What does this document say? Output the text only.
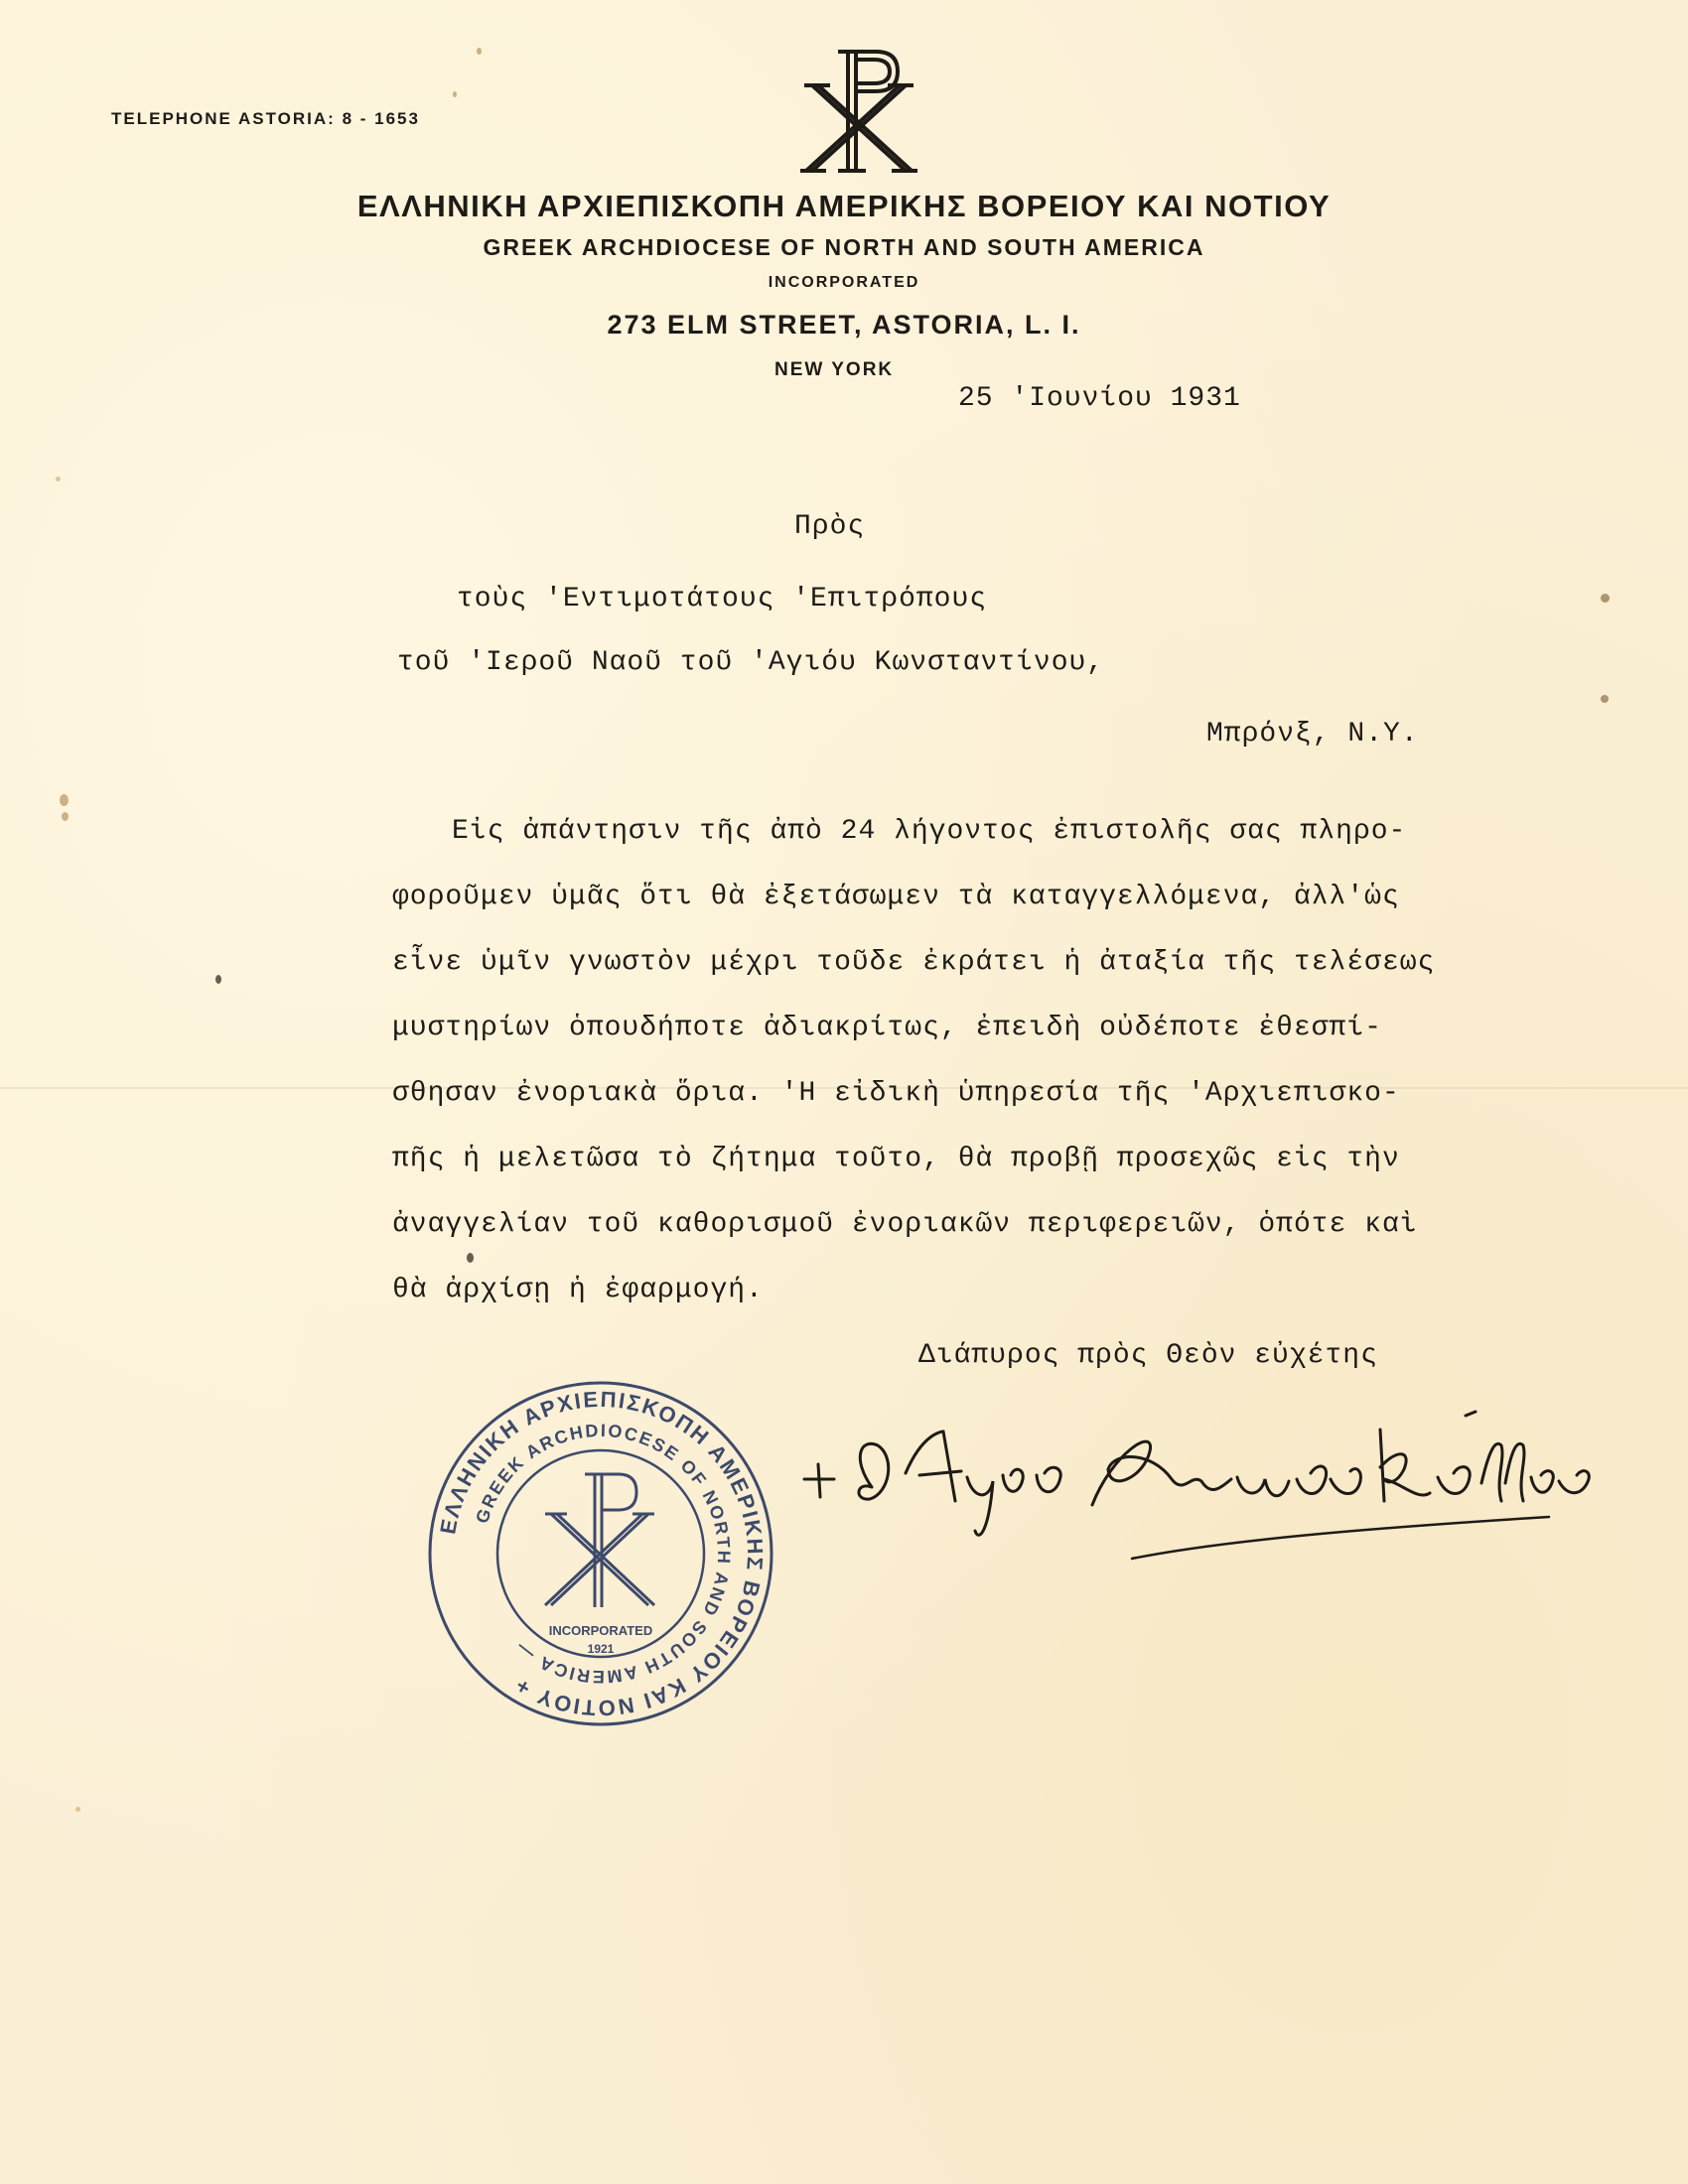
TELEPHONE ASTORIA: 8 - 1653
ΕΛΛΗΝΙΚΗ ΑΡΧΙΕΠΙΣΚΟΠΗ ΑΜΕΡΙΚΗΣ ΒΟΡΕΙΟΥ ΚΑΙ ΝΟΤΙΟΥ
GREEK ARCHDIOCESE OF NORTH AND SOUTH AMERICA
INCORPORATED
273 ELM STREET, ASTORIA, L. I.
NEW YORK
25 'Ιουνίου 1931
Πρὸς
τοὺς 'Εντιμοτάτους 'Επιτρόπους
τοῦ 'Ιεροῦ Ναοῦ τοῦ 'Αγιόυ Κωνσταντίνου,
Μπρόνξ, Ν.Υ.
Εἰς ἀπάντησιν τῆς ἀπὸ 24 λήγοντος ἐπιστολῆς σας πληρο-
φοροῦμεν ὑμᾶς ὅτι θὰ ἐξετάσωμεν τὰ καταγγελλόμενα, ἀλλ'ὡς
εἶνε ὑμῖν γνωστὸν μέχρι τοῦδε ἐκράτει ἡ ἀταξία τῆς τελέσεως
μυστηρίων ὁπουδήποτε ἀδιακρίτως, ἐπειδὴ οὐδέποτε ἐθεσπί-
σθησαν ἐνοριακὰ ὅρια. 'Η εἰδικὴ ὑπηρεσία τῆς 'Αρχιεπισκο-
πῆς ἡ μελετῶσα τὸ ζήτημα τοῦτο, θὰ προβῇ προσεχῶς εἰς τὴν
ἀναγγελίαν τοῦ καθορισμοῦ ἐνοριακῶν περιφερειῶν, ὁπότε καὶ
θὰ ἀρχίσῃ ἡ ἐφαρμογή.
Διάπυρος πρὸς Θεὸν εὐχέτης
ΕΛΛΗΝΙΚΗ ΑΡΧΙΕΠΙΣΚΟΠΗ ΑΜΕΡΙΚΗΣ ΒΟΡΕΙΟΥ ΚΑΙ ΝΟΤΙΟΥ +
GREEK ARCHDIOCESE OF NORTH AND SOUTH AMERICA —
INCORPORATED
1921
